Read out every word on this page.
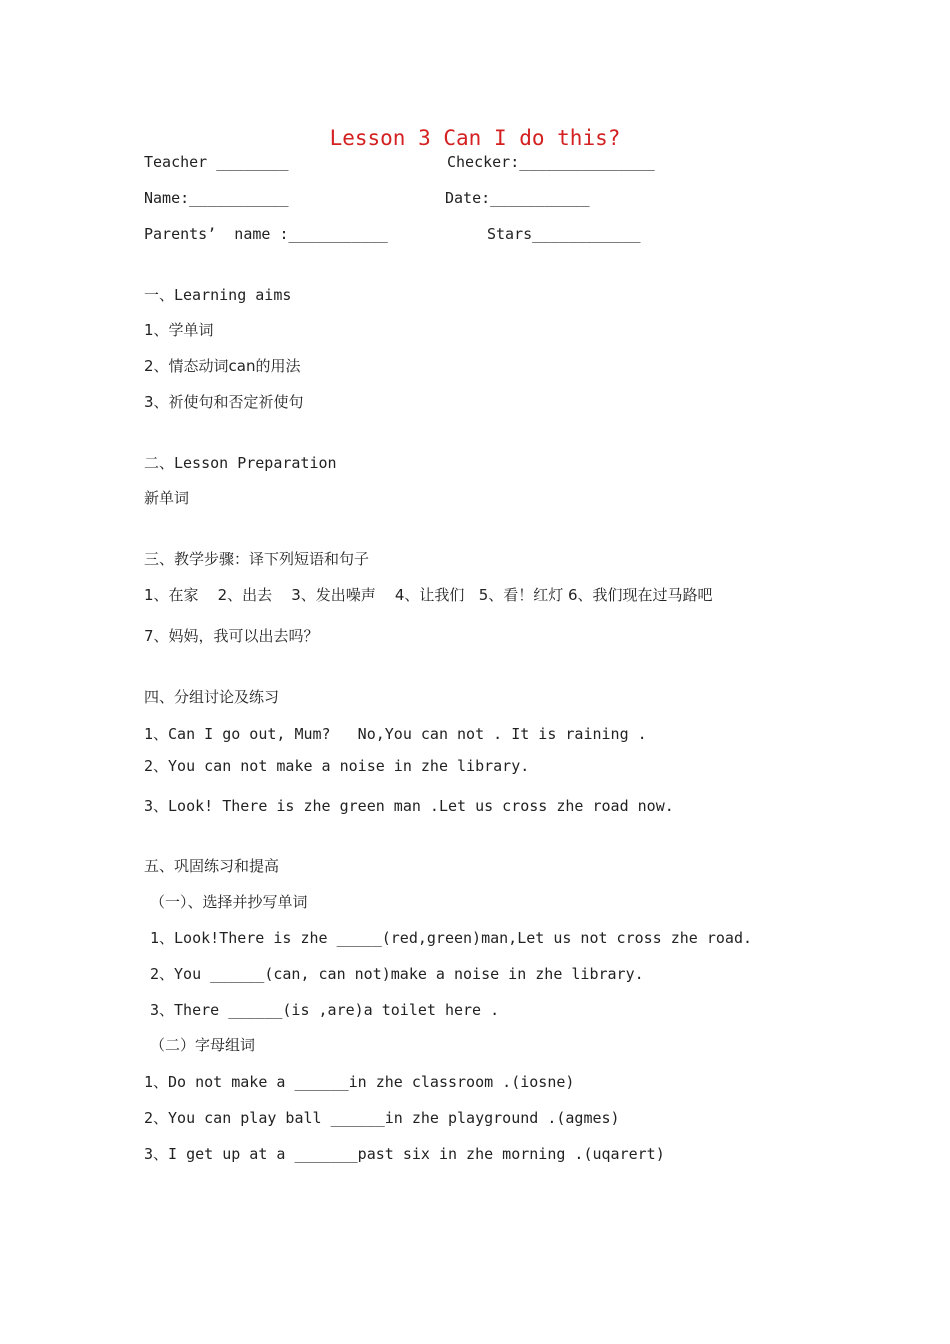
Lesson 3 Can I do this?
Teacher ________	Checker:_______________
Name:___________	Date:___________
Parents’  name :___________	Stars____________
一、Learning aims
1、学单词
2、情态动词can的用法
3、祈使句和否定祈使句
二、Lesson Preparation
新单词
三、教学步骤：译下列短语和句子
1、在家    2、出去    3、发出噪声    4、让我们   5、看！红灯 6、我们现在过马路吧
7、妈妈，我可以出去吗？
四、分组讨论及练习
1、Can I go out, Mum?   No,You can not . It is raining .
2、You can not make a noise in zhe library.
3、Look! There is zhe green man .Let us cross zhe road now.
五、巩固练习和提高
（一）、选择并抄写单词
1、Look!There is zhe _____(red,green)man,Let us not cross zhe road.
2、You ______(can, can not)make a noise in zhe library.
3、There ______(is ,are)a toilet here .
（二）字母组词
1、Do not make a ______in zhe classroom .(iosne)
2、You can play ball ______in zhe playground .(agmes)
3、I get up at a _______past six in zhe morning .(uqarert)
